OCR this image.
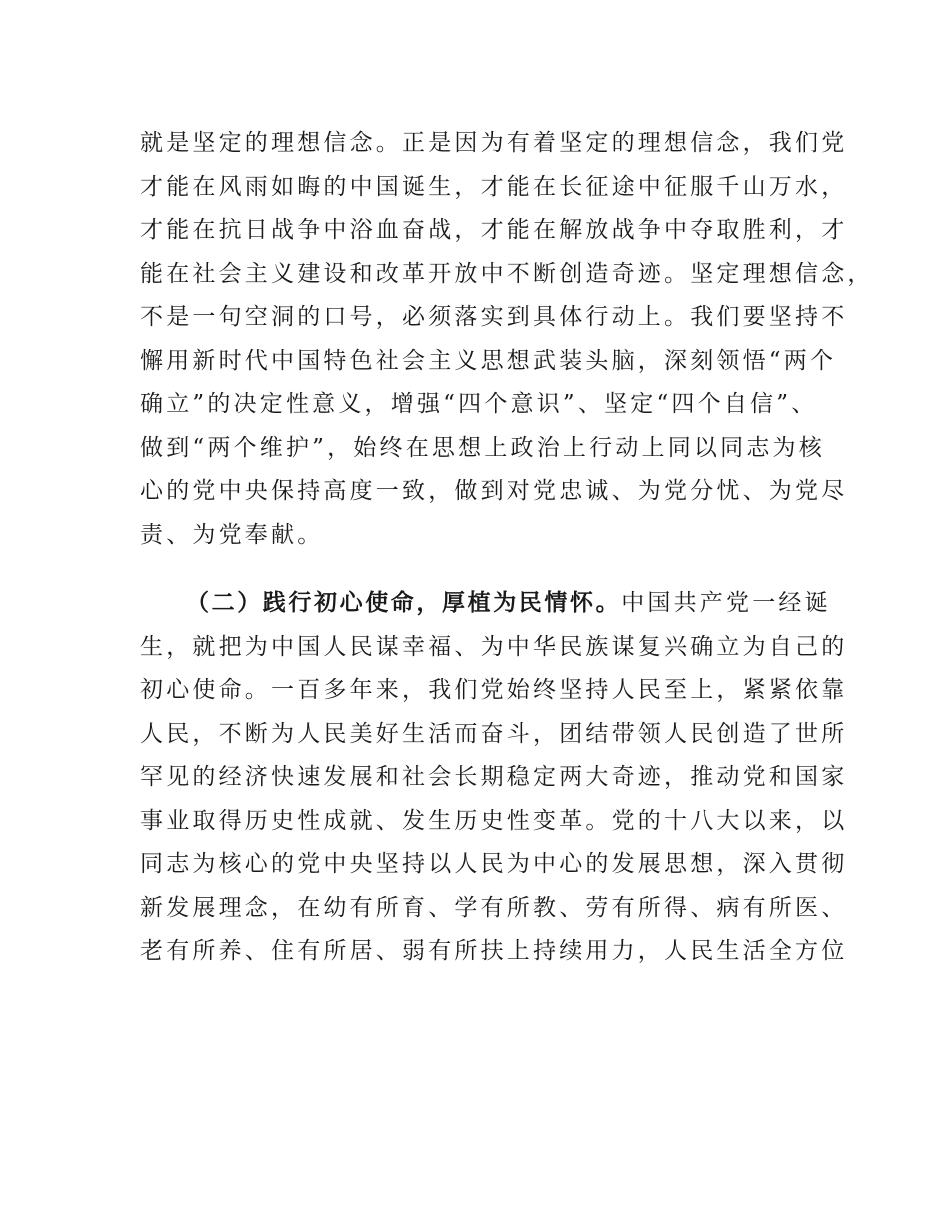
就是坚定的理想信念。正是因为有着坚定的理想信念，我们党
才能在风雨如晦的中国诞生，才能在长征途中征服千山万水，
才能在抗日战争中浴血奋战，才能在解放战争中夺取胜利，才
能在社会主义建设和改革开放中不断创造奇迹。坚定理想信念，
不是一句空洞的口号，必须落实到具体行动上。我们要坚持不
懈用新时代中国特色社会主义思想武装头脑，深刻领悟“两个
确立”的决定性意义，增强“四个意识”、坚定“四个自信”、
做到“两个维护”，始终在思想上政治上行动上同以同志为核
心的党中央保持高度一致，做到对党忠诚、为党分忧、为党尽
责、为党奉献。
（二）践行初心使命，厚植为民情怀。中国共产党一经诞
生，就把为中国人民谋幸福、为中华民族谋复兴确立为自己的
初心使命。一百多年来，我们党始终坚持人民至上，紧紧依靠
人民，不断为人民美好生活而奋斗，团结带领人民创造了世所
罕见的经济快速发展和社会长期稳定两大奇迹，推动党和国家
事业取得历史性成就、发生历史性变革。党的十八大以来，以
同志为核心的党中央坚持以人民为中心的发展思想，深入贯彻
新发展理念，在幼有所育、学有所教、劳有所得、病有所医、
老有所养、住有所居、弱有所扶上持续用力，人民生活全方位
